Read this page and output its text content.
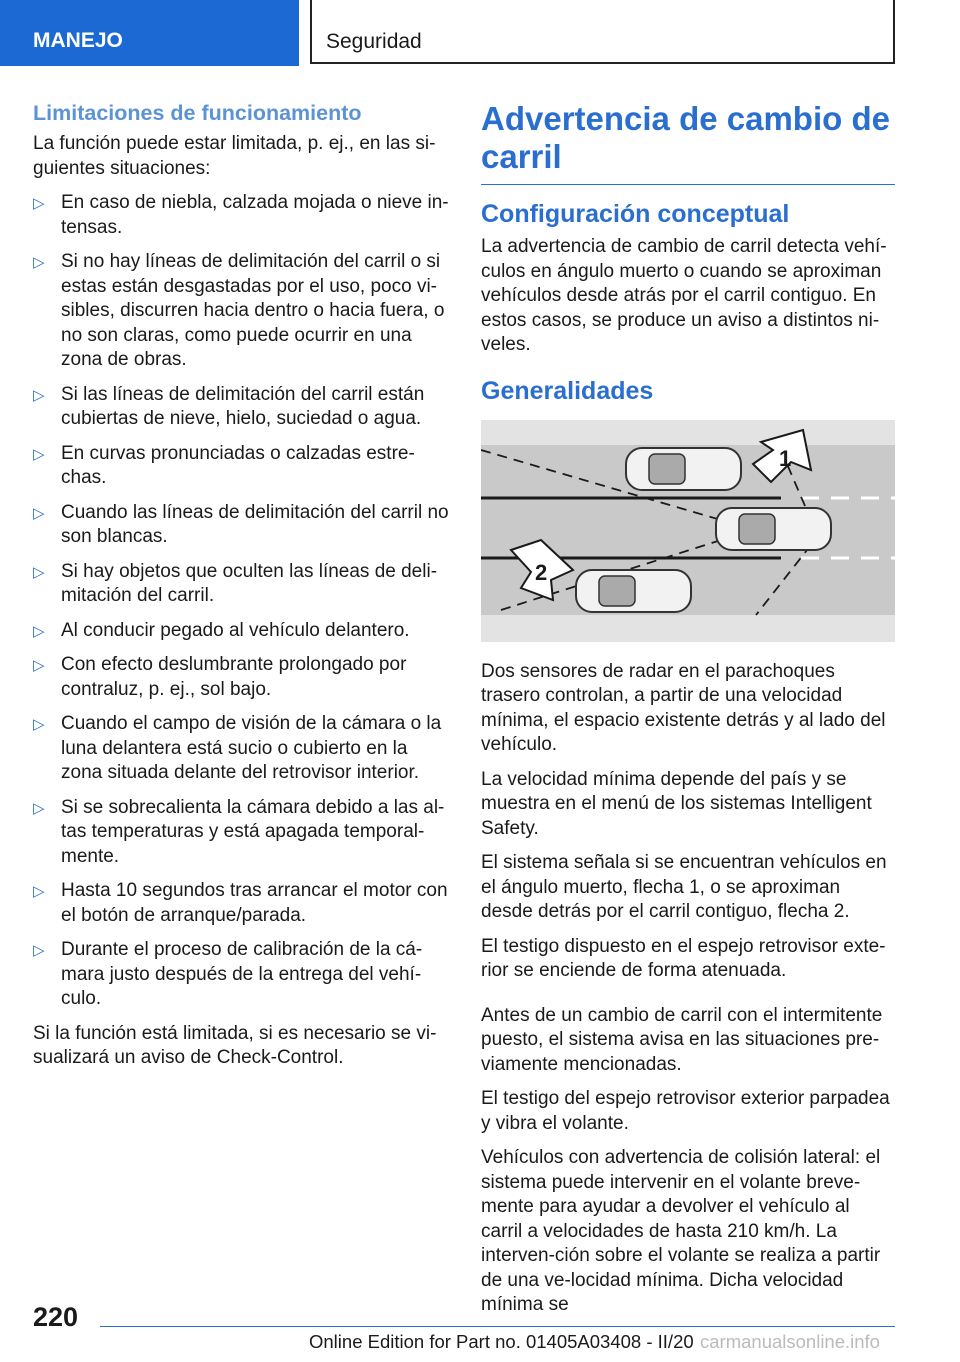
MANEJO	Seguridad
Limitaciones de funcionamiento

La función puede estar limitada, p. ej., en las si-guientes situaciones:

▷ En caso de niebla, calzada mojada o nieve in-tensas.
▷ Si no hay líneas de delimitación del carril o si estas están desgastadas por el uso, poco vi-sibles, discurren hacia dentro o hacia fuera, o no son claras, como puede ocurrir en una zona de obras.
▷ Si las líneas de delimitación del carril están cubiertas de nieve, hielo, suciedad o agua.
▷ En curvas pronunciadas o calzadas estre-chas.
▷ Cuando las líneas de delimitación del carril no son blancas.
▷ Si hay objetos que oculten las líneas de deli-mitación del carril.
▷ Al conducir pegado al vehículo delantero.
▷ Con efecto deslumbrante prolongado por contraluz, p. ej., sol bajo.
▷ Cuando el campo de visión de la cámara o la luna delantera está sucio o cubierto en la zona situada delante del retrovisor interior.
▷ Si se sobrecalienta la cámara debido a las al-tas temperaturas y está apagada temporal-mente.
▷ Hasta 10 segundos tras arrancar el motor con el botón de arranque/parada.
▷ Durante el proceso de calibración de la cá-mara justo después de la entrega del vehí-culo.

Si la función está limitada, si es necesario se vi-sualizará un aviso de Check-Control.

Advertencia de cambio de carril
Configuración conceptual

La advertencia de cambio de carril detecta vehí-culos en ángulo muerto o cuando se aproximan vehículos desde atrás por el carril contiguo. En estos casos, se produce un aviso a distintos ni-veles.

Generalidades
1
2

Dos sensores de radar en el parachoques trasero controlan, a partir de una velocidad mínima, el espacio existente detrás y al lado del vehículo.

La velocidad mínima depende del país y se muestra en el menú de los sistemas Intelligent Safety.

El sistema señala si se encuentran vehículos en el ángulo muerto, flecha 1, o se aproximan desde detrás por el carril contiguo, flecha 2.

El testigo dispuesto en el espejo retrovisor exte-rior se enciende de forma atenuada.

Antes de un cambio de carril con el intermitente puesto, el sistema avisa en las situaciones pre-viamente mencionadas.

El testigo del espejo retrovisor exterior parpadea y vibra el volante.

Vehículos con advertencia de colisión lateral: el sistema puede intervenir en el volante breve-mente para ayudar a devolver el vehículo al carril a velocidades de hasta 210 km/h. La interven-ción sobre el volante se realiza a partir de una ve-locidad mínima. Dicha velocidad mínima se

220
Online Edition for Part no. 01405A03408 - II/20 carmanualsonline.info
